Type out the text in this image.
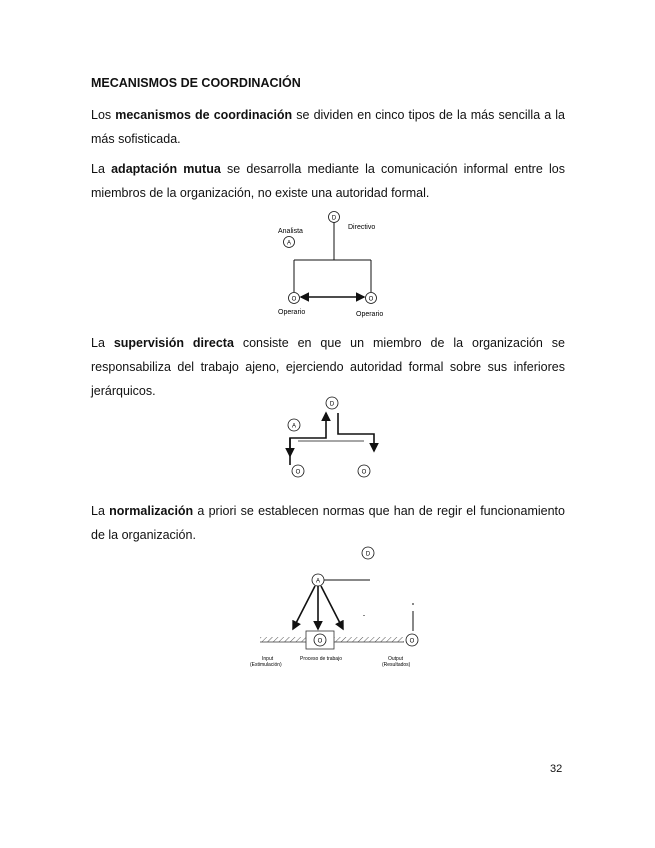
MECANISMOS DE COORDINACIÓN

Los mecanismos de coordinación se dividen en cinco tipos de la más sencilla a la más sofisticada.

La adaptación mutua se desarrolla mediante la comunicación informal entre los miembros de la organización, no existe una autoridad formal.

Analista
A
Directivo
D
O	O
Operario	Operario

La supervisión directa consiste en que un miembro de la organización se responsabiliza del trabajo ajeno, ejerciendo autoridad formal sobre sus inferiores jerárquicos.

D
A
O	O

La normalización a priori se establecen normas que han de regir el funcionamiento de la organización.

D
A
O	O
Input
(Estimulación)
Proceso de trabajo	Output
(Resultados)
32
